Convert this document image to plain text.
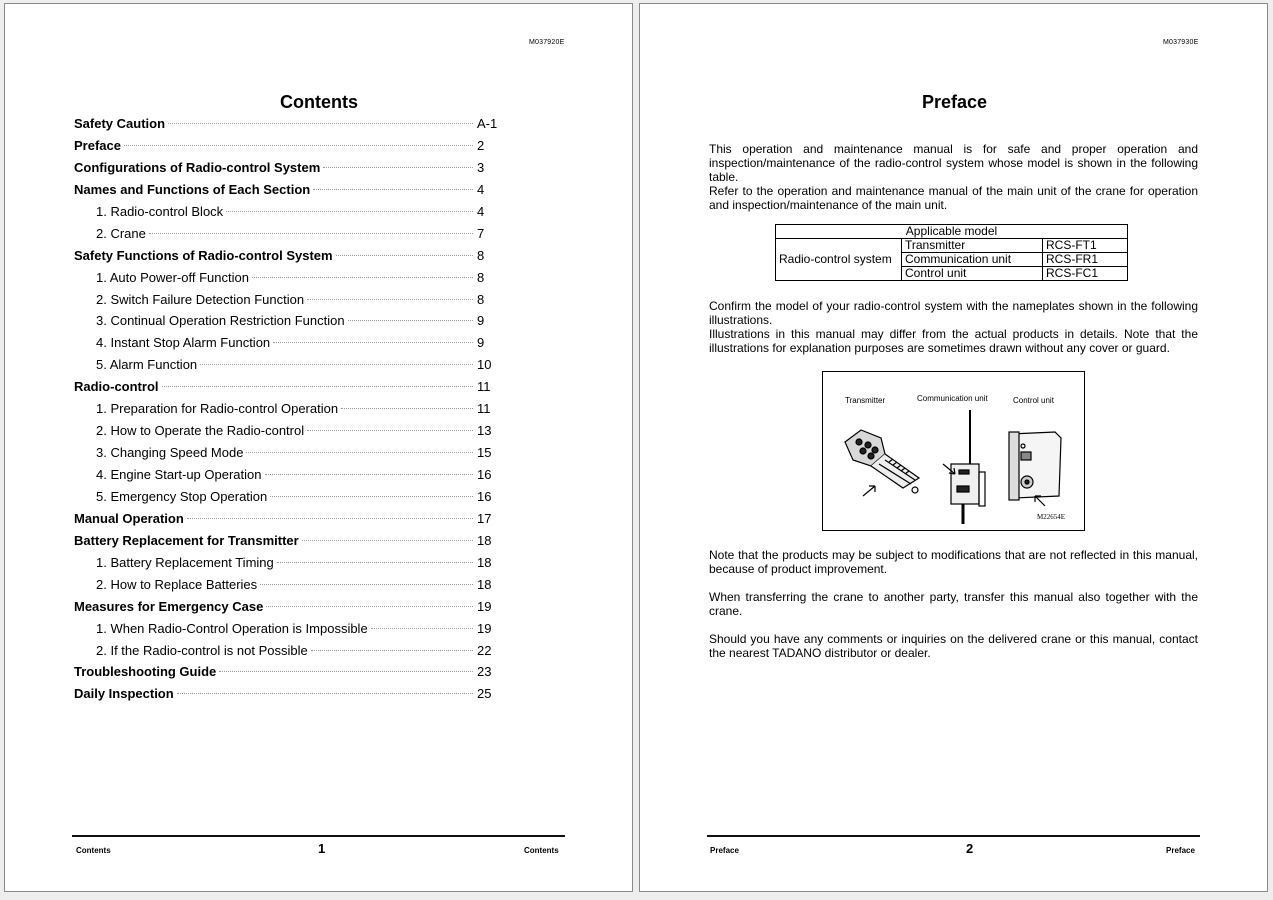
M037920E
Contents
Safety Caution	A-1
Preface	2
Configurations of Radio-control System	3
Names and Functions of Each Section	4
1. Radio-control Block	4
2. Crane	7
Safety Functions of Radio-control System	8
1. Auto Power-off Function	8
2. Switch Failure Detection Function	8
3. Continual Operation Restriction Function	9
4. Instant Stop Alarm Function	9
5. Alarm Function	10
Radio-control	11
1. Preparation for Radio-control Operation	11
2. How to Operate the Radio-control	13
3. Changing Speed Mode	15
4. Engine Start-up Operation	16
5. Emergency Stop Operation	16
Manual Operation	17
Battery Replacement for Transmitter	18
1. Battery Replacement Timing	18
2. How to Replace Batteries	18
Measures for Emergency Case	19
1. When Radio-Control Operation is Impossible	19
2. If the Radio-control is not Possible	22
Troubleshooting Guide	23
Daily Inspection	25
Contents	1	Contents
M037930E
Preface
This operation and maintenance manual is for safe and proper operation and
inspection/maintenance of the radio-control system whose model is shown in the following
table.
Refer to the operation and maintenance manual of the main unit of the crane for operation
and inspection/maintenance of the main unit.
Applicable model		
Radio-control system	Transmitter	RCS-FT1
	Communication unit	RCS-FR1
	Control unit	RCS-FC1
Confirm the model of your radio-control system with the nameplates shown in the following
illustrations.
Illustrations in this manual may differ from the actual products in details. Note that the
illustrations for explanation purposes are sometimes drawn without any cover or guard.
Transmitter	Communication unit	Control unit
M22654E
Note that the products may be subject to modifications that are not reflected in this manual,
because of product improvement.
When transferring the crane to another party, transfer this manual also together with the
crane.
Should you have any comments or inquiries on the delivered crane or this manual, contact
the nearest TADANO distributor or dealer.
Preface	2	Preface
